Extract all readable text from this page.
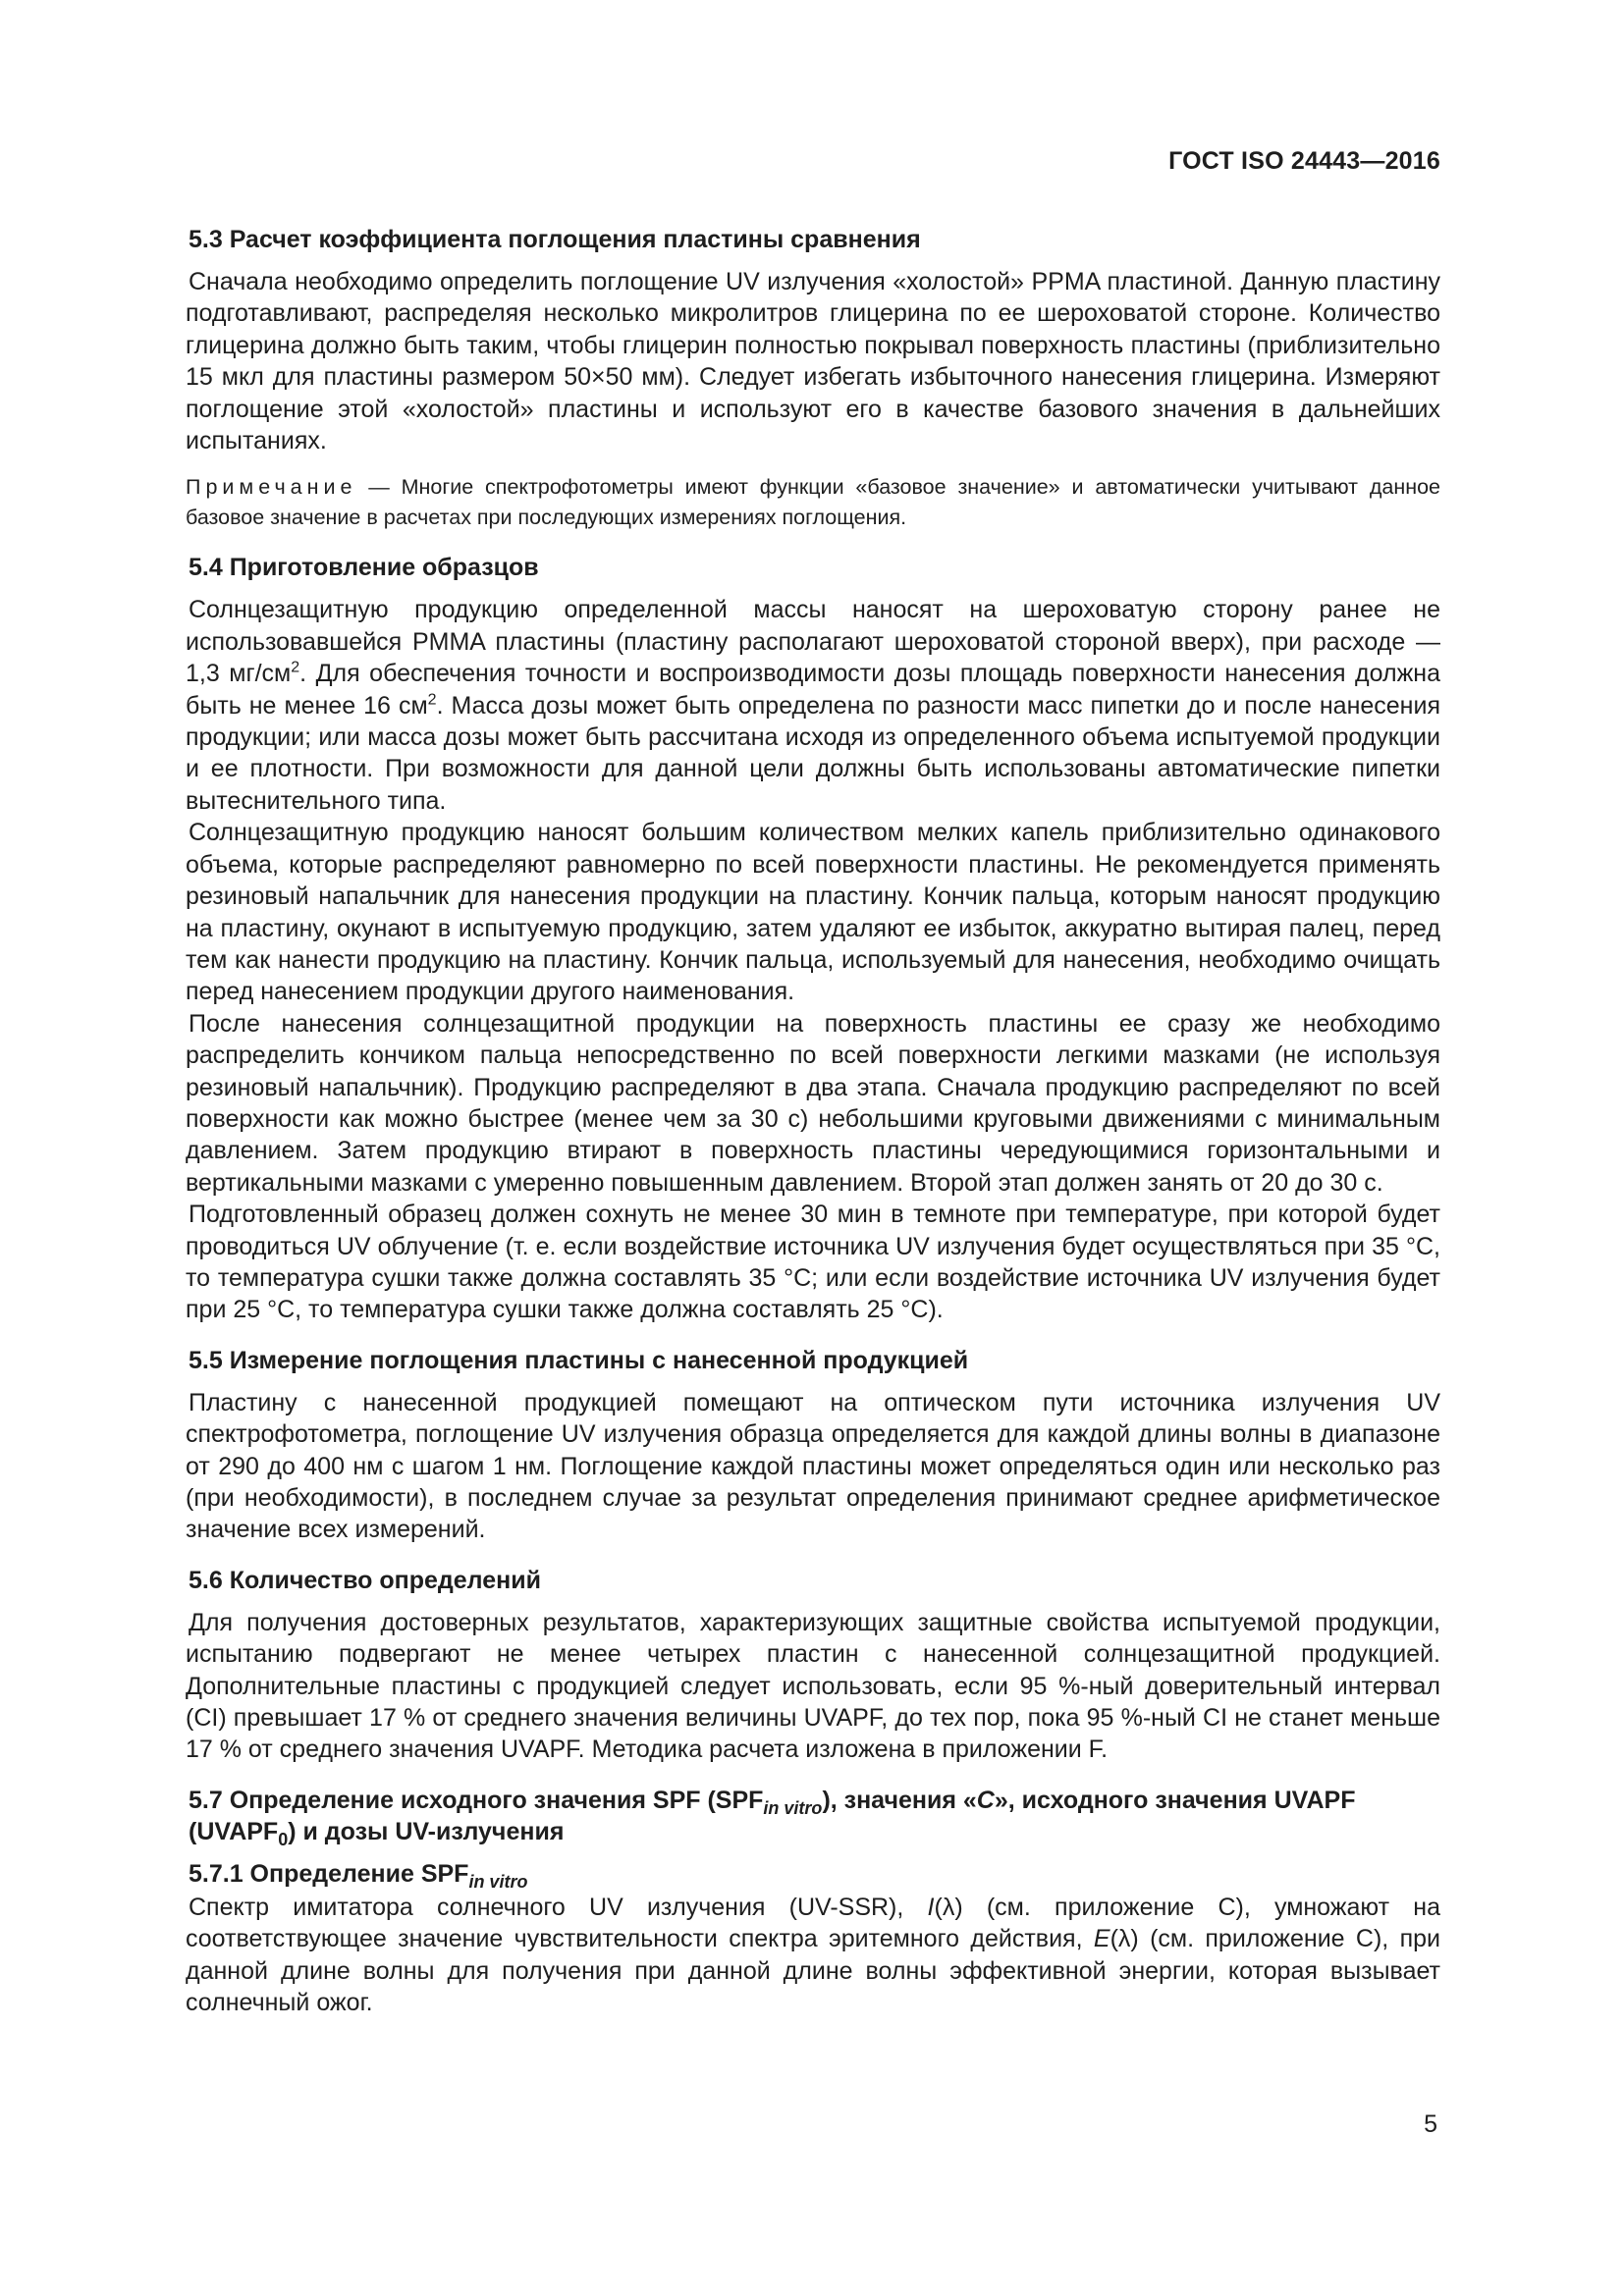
ГОСТ ISO 24443—2016
5.3 Расчет коэффициента поглощения пластины сравнения

Сначала необходимо определить поглощение UV излучения «холостой» PPMA пластиной. Данную пластину подготавливают, распределяя несколько микролитров глицерина по ее шероховатой стороне. Количество глицерина должно быть таким, чтобы глицерин полностью покрывал поверхность пластины (приблизительно 15 мкл для пластины размером 50×50 мм). Следует избегать избыточного нанесения глицерина. Измеряют поглощение этой «холостой» пластины и используют его в качестве базового значения в дальнейших испытаниях.

Примечание — Многие спектрофотометры имеют функции «базовое значение» и автоматически учитывают данное базовое значение в расчетах при последующих измерениях поглощения.

5.4 Приготовление образцов

Солнцезащитную продукцию определенной массы наносят на шероховатую сторону ранее не использовавшейся PMMA пластины (пластину располагают шероховатой стороной вверх), при расходе — 1,3 $мг/см^2$. Для обеспечения точности и воспроизводимости дозы площадь поверхности нанесения должна быть не менее 16 $см^2$. Масса дозы может быть определена по разности масс пипетки до и после нанесения продукции; или масса дозы может быть рассчитана исходя из определенного объема испытуемой продукции и ее плотности. При возможности для данной цели должны быть использованы автоматические пипетки вытеснительного типа.

Солнцезащитную продукцию наносят большим количеством мелких капель приблизительно одинакового объема, которые распределяют равномерно по всей поверхности пластины. Не рекомендуется применять резиновый напальчник для нанесения продукции на пластину. Кончик пальца, которым наносят продукцию на пластину, окунают в испытуемую продукцию, затем удаляют ее избыток, аккуратно вытирая палец, перед тем как нанести продукцию на пластину. Кончик пальца, используемый для нанесения, необходимо очищать перед нанесением продукции другого наименования.

После нанесения солнцезащитной продукции на поверхность пластины ее сразу же необходимо распределить кончиком пальца непосредственно по всей поверхности легкими мазками (не используя резиновый напальчник). Продукцию распределяют в два этапа. Сначала продукцию распределяют по всей поверхности как можно быстрее (менее чем за 30 с) небольшими круговыми движениями с минимальным давлением. Затем продукцию втирают в поверхность пластины чередующимися горизонтальными и вертикальными мазками с умеренно повышенным давлением. Второй этап должен занять от 20 до 30 с.

Подготовленный образец должен сохнуть не менее 30 мин в темноте при температуре, при которой будет проводиться UV облучение (т. е. если воздействие источника UV излучения будет осуществляться при 35 °С, то температура сушки также должна составлять 35 °С; или если воздействие источника UV излучения будет при 25 °С, то температура сушки также должна составлять 25 °С).

5.5 Измерение поглощения пластины с нанесенной продукцией

Пластину с нанесенной продукцией помещают на оптическом пути источника излучения UV спектрофотометра, поглощение UV излучения образца определяется для каждой длины волны в диапазоне от 290 до 400 нм с шагом 1 нм. Поглощение каждой пластины может определяться один или несколько раз (при необходимости), в последнем случае за результат определения принимают среднее арифметическое значение всех измерений.

5.6 Количество определений

Для получения достоверных результатов, характеризующих защитные свойства испытуемой продукции, испытанию подвергают не менее четырех пластин с нанесенной солнцезащитной продукцией. Дополнительные пластины с продукцией следует использовать, если 95 %-ный доверительный интервал (CI) превышает 17 % от среднего значения величины UVAPF, до тех пор, пока 95 %-ный CI не станет меньше 17 % от среднего значения UVAPF. Методика расчета изложена в приложении F.

5.7 Определение исходного значения SPF $(SPF_{in vitro})$, значения «C», исходного значения UVAPF $(UVAPF_0)$ и дозы UV-излучения
5.7.1 Определение $SPF_{in vitro}$

Спектр имитатора солнечного UV излучения (UV-SSR), I(λ) (см. приложение С), умножают на соответствующее значение чувствительности спектра эритемного действия, E(λ) (см. приложение С), при данной длине волны для получения при данной длине волны эффективной энергии, которая вызывает солнечный ожог.

5
